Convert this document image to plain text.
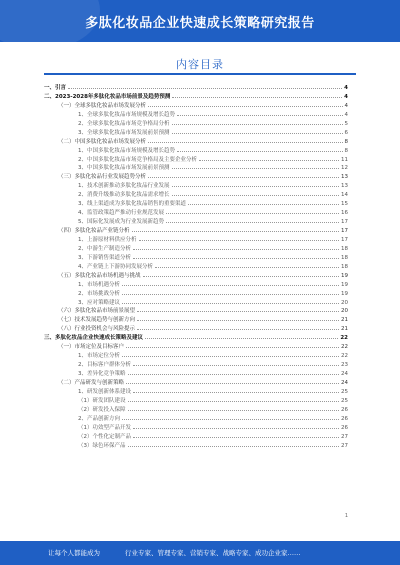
多肽化妆品企业快速成长策略研究报告
内容目录
一、引言	4
二、2023-2028年多肽化妆品市场前景及趋势预测	4
（一）全球多肽化妆品市场发展分析	4
1、全球多肽化妆品市场规模及增长趋势	4
2、全球多肽化妆品市场竞争格局分析	5
3、全球多肽化妆品市场发展前景预测	6
（二）中国多肽化妆品市场发展分析	8
1、中国多肽化妆品市场规模及增长趋势	8
2、中国多肽化妆品市场竞争格局及主要企业分析	11
3、中国多肽化妆品市场发展前景预测	12
（三）多肽化妆品行业发展趋势分析	13
1、技术创新推动多肽化妆品行业发展	13
2、消费升级推动多肽化妆品需求增长	14
3、线上渠道成为多肽化妆品销售的重要渠道	15
4、监管政策趋严推动行业规范发展	16
5、国际化发展成为行业发展新趋势	17
（四）多肽化妆品产业链分析	17
1、上游原材料供应分析	17
2、中游生产制造分析	18
3、下游销售渠道分析	18
4、产业链上下游协同发展分析	18
（五）多肽化妆品市场机遇与挑战	19
1、市场机遇分析	19
2、市场挑战分析	19
3、应对策略建议	20
（六）多肽化妆品市场前景展望	20
（七）技术发展趋势与创新方向	21
（八）行业投资机会与风险提示	21
三、多肽化妆品企业快速成长策略及建议	22
（一）市场定位及目标客户	22
1、市场定位分析	22
2、目标客户群体分析	23
3、差异化竞争策略	24
（二）产品研发与创新策略	24
1、研发创新体系建设	25
（1）研发团队建设	25
（2）研发投入保障	26
2、产品创新方向	26
（1）功效型产品开发	26
（2）个性化定制产品	27
（3）绿色环保产品	27
1
让每个人都能成为	行业专家、管理专家、营销专家、战略专家、成功企业家……
